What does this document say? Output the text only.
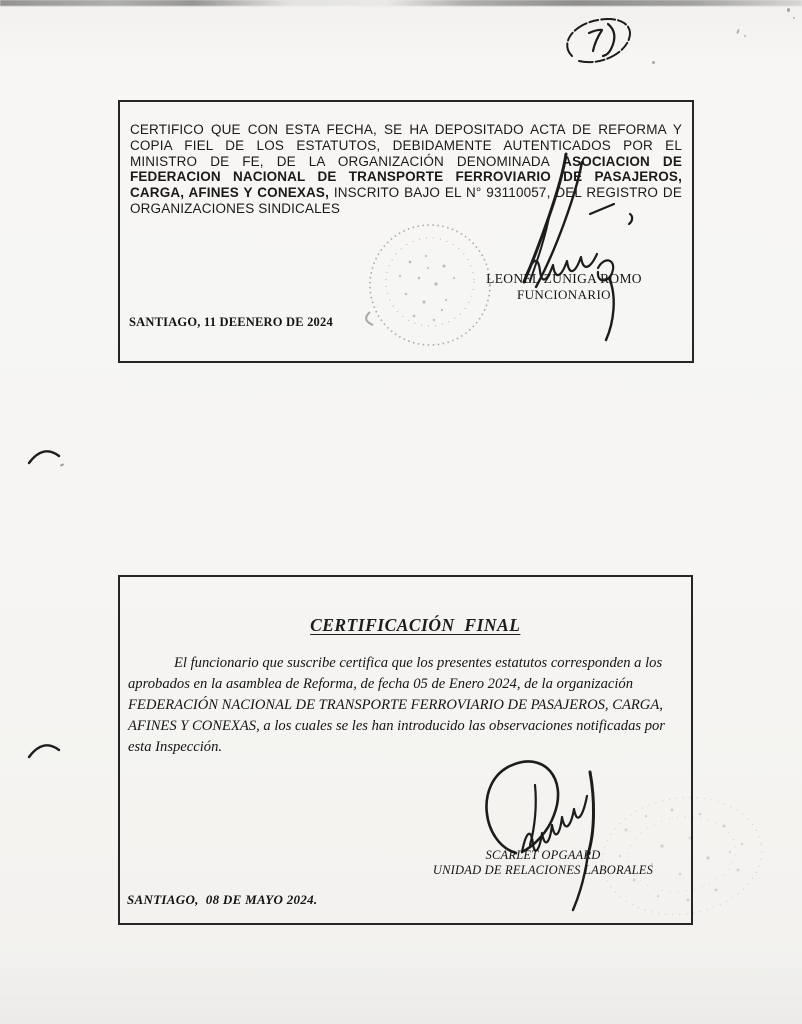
CERTIFICO QUE CON ESTA FECHA, SE HA DEPOSITADO ACTA DE REFORMA Y COPIA FIEL DE LOS ESTATUTOS, DEBIDAMENTE AUTENTICADOS POR EL MINISTRO DE FE, DE LA ORGANIZACIÓN DENOMINADA ASOCIACION DE FEDERACION NACIONAL DE TRANSPORTE FERROVIARIO DE PASAJEROS, CARGA, AFINES Y CONEXAS, INSCRITO BAJO EL N° 93110057, DEL REGISTRO DE ORGANIZACIONES SINDICALES
LEONEL ZUNIGA ROMO
FUNCIONARIO
SANTIAGO, 11 DEENERO DE 2024

CERTIFICACIÓN  FINAL

El funcionario que suscribe certifica que los presentes estatutos corresponden a los aprobados en la asamblea de Reforma, de fecha 05 de Enero 2024, de la organización FEDERACIÓN NACIONAL DE TRANSPORTE FERROVIARIO DE PASAJEROS, CARGA, AFINES Y CONEXAS, a los cuales se les han introducido las observaciones notificadas por esta Inspección.
SCARLET OPGAARD
UNIDAD DE RELACIONES LABORALES
SANTIAGO,  08 DE MAYO 2024.
